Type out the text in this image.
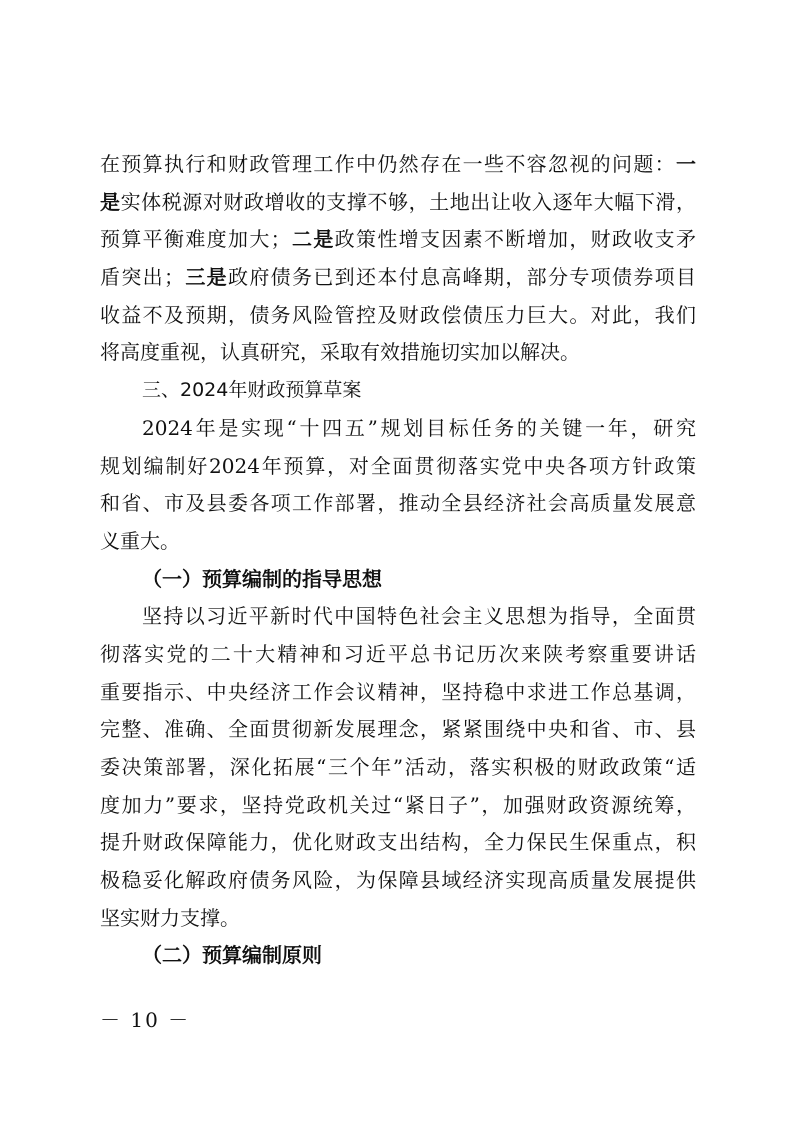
在预算执行和财政管理工作中仍然存在一些不容忽视的问题：一
是实体税源对财政增收的支撑不够，土地出让收入逐年大幅下滑，
预算平衡难度加大；二是政策性增支因素不断增加，财政收支矛
盾突出；三是政府债务已到还本付息高峰期，部分专项债券项目
收益不及预期，债务风险管控及财政偿债压力巨大。对此，我们
将高度重视，认真研究，采取有效措施切实加以解决。
三、2024年财政预算草案
2024年是实现“十四五”规划目标任务的关键一年，研究
规划编制好2024年预算，对全面贯彻落实党中央各项方针政策
和省、市及县委各项工作部署，推动全县经济社会高质量发展意
义重大。
（一）预算编制的指导思想
坚持以习近平新时代中国特色社会主义思想为指导，全面贯
彻落实党的二十大精神和习近平总书记历次来陕考察重要讲话
重要指示、中央经济工作会议精神，坚持稳中求进工作总基调，
完整、准确、全面贯彻新发展理念，紧紧围绕中央和省、市、县
委决策部署，深化拓展“三个年”活动，落实积极的财政政策“适
度加力”要求，坚持党政机关过“紧日子”，加强财政资源统筹，
提升财政保障能力，优化财政支出结构，全力保民生保重点，积
极稳妥化解政府债务风险，为保障县域经济实现高质量发展提供
坚实财力支撑。
（二）预算编制原则
－ 10 －
